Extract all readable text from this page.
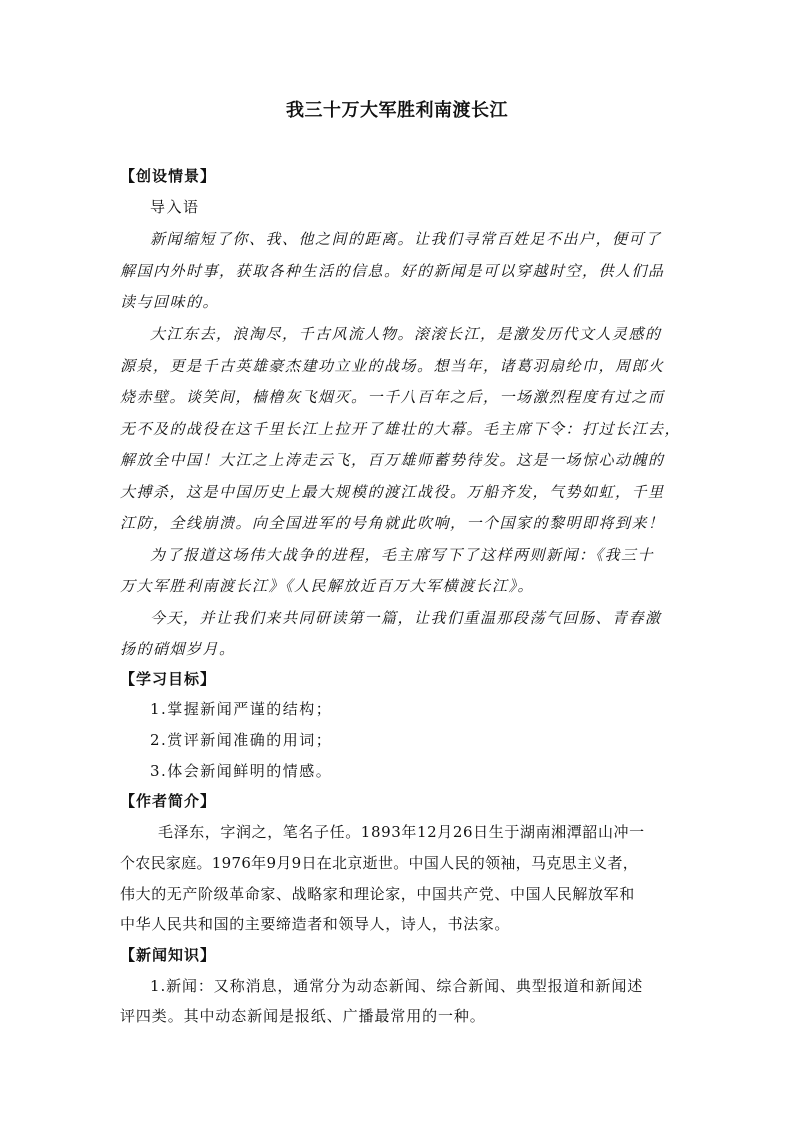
我三十万大军胜利南渡长江
【创设情景】
导入语
新闻缩短了你、我、他之间的距离。让我们寻常百姓足不出户，便可了
解国内外时事，获取各种生活的信息。好的新闻是可以穿越时空，供人们品
读与回味的。
大江东去，浪淘尽，千古风流人物。滚滚长江，是激发历代文人灵感的
源泉，更是千古英雄豪杰建功立业的战场。想当年，诸葛羽扇纶巾，周郎火
烧赤壁。谈笑间，樯橹灰飞烟灭。一千八百年之后，一场激烈程度有过之而
无不及的战役在这千里长江上拉开了雄壮的大幕。毛主席下令：打过长江去，
解放全中国！大江之上涛走云飞，百万雄师蓄势待发。这是一场惊心动魄的
大搏杀，这是中国历史上最大规模的渡江战役。万船齐发，气势如虹，千里
江防，全线崩溃。向全国进军的号角就此吹响，一个国家的黎明即将到来！
为了报道这场伟大战争的进程，毛主席写下了这样两则新闻：《我三十
万大军胜利南渡长江》《人民解放近百万大军横渡长江》。
今天，并让我们来共同研读第一篇，让我们重温那段荡气回肠、青春激
扬的硝烟岁月。
【学习目标】
1.掌握新闻严谨的结构；
2.赏评新闻准确的用词；
3.体会新闻鲜明的情感。
【作者简介】
毛泽东，字润之，笔名子任。1893年12月26日生于湖南湘潭韶山冲一
个农民家庭。1976年9月9日在北京逝世。中国人民的领袖，马克思主义者，
伟大的无产阶级革命家、战略家和理论家，中国共产党、中国人民解放军和
中华人民共和国的主要缔造者和领导人，诗人，书法家。
【新闻知识】
1.新闻：又称消息，通常分为动态新闻、综合新闻、典型报道和新闻述
评四类。其中动态新闻是报纸、广播最常用的一种。
